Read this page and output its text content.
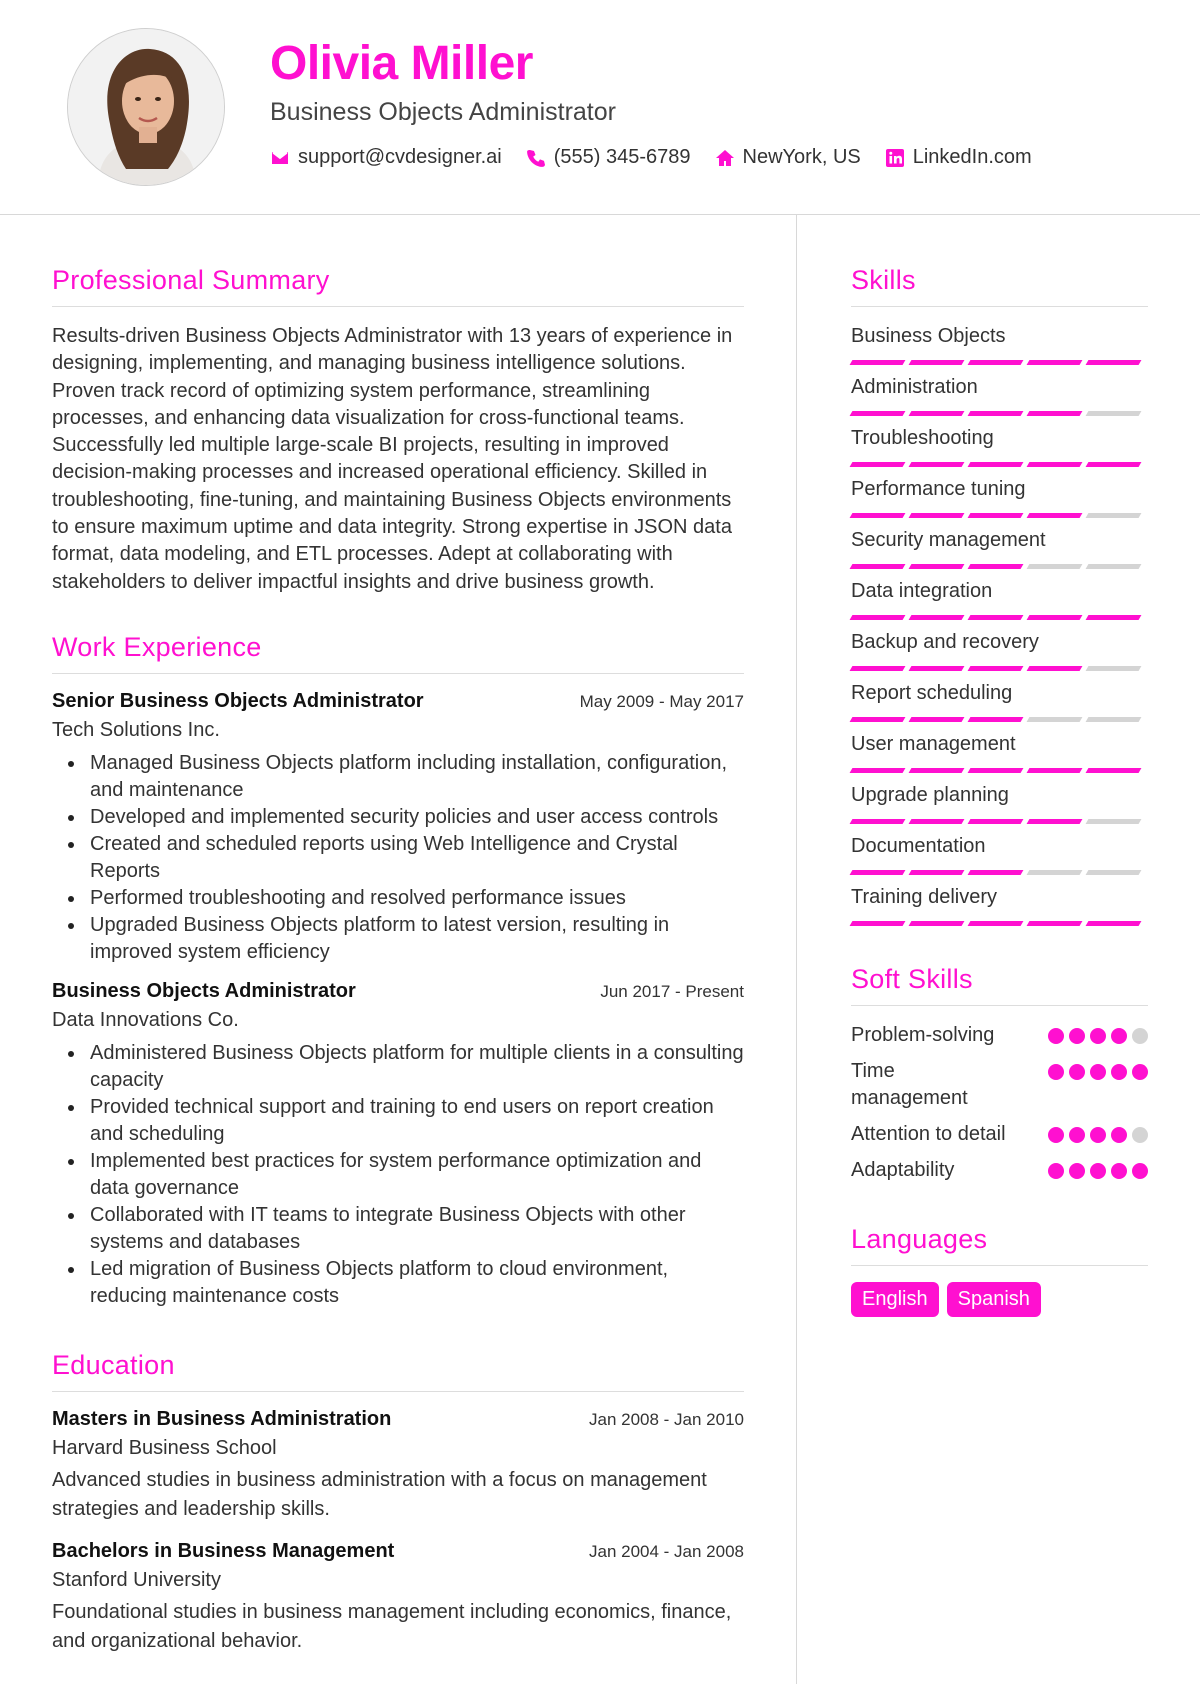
Olivia Miller
Business Objects Administrator
support@cvdesigner.ai	(555) 345-6789	NewYork, US	LinkedIn.com
Professional Summary

Results-driven Business Objects Administrator with 13 years of experience in designing, implementing, and managing business intelligence solutions. Proven track record of optimizing system performance, streamlining processes, and enhancing data visualization for cross-functional teams. Successfully led multiple large-scale BI projects, resulting in improved decision-making processes and increased operational efficiency. Skilled in troubleshooting, fine-tuning, and maintaining Business Objects environments to ensure maximum uptime and data integrity. Strong expertise in JSON data format, data modeling, and ETL processes. Adept at collaborating with stakeholders to deliver impactful insights and drive business growth.

Work Experience
Senior Business Objects Administrator	May 2009 - May 2017
Tech Solutions Inc.
Managed Business Objects platform including installation, configuration, and maintenance
Developed and implemented security policies and user access controls
Created and scheduled reports using Web Intelligence and Crystal Reports
Performed troubleshooting and resolved performance issues
Upgraded Business Objects platform to latest version, resulting in improved system efficiency
Business Objects Administrator	Jun 2017 - Present
Data Innovations Co.
Administered Business Objects platform for multiple clients in a consulting capacity
Provided technical support and training to end users on report creation and scheduling
Implemented best practices for system performance optimization and data governance
Collaborated with IT teams to integrate Business Objects with other systems and databases
Led migration of Business Objects platform to cloud environment, reducing maintenance costs
Education
Masters in Business Administration	Jan 2008 - Jan 2010
Harvard Business School

Advanced studies in business administration with a focus on management strategies and leadership skills.

Bachelors in Business Management	Jan 2004 - Jan 2008
Stanford University

Foundational studies in business management including economics, finance, and organizational behavior.

Skills
Business Objects
Administration
Troubleshooting
Performance tuning
Security management
Data integration
Backup and recovery
Report scheduling
User management
Upgrade planning
Documentation
Training delivery
Soft Skills
Problem-solving
Time management
Attention to detail
Adaptability
Languages
English	Spanish
